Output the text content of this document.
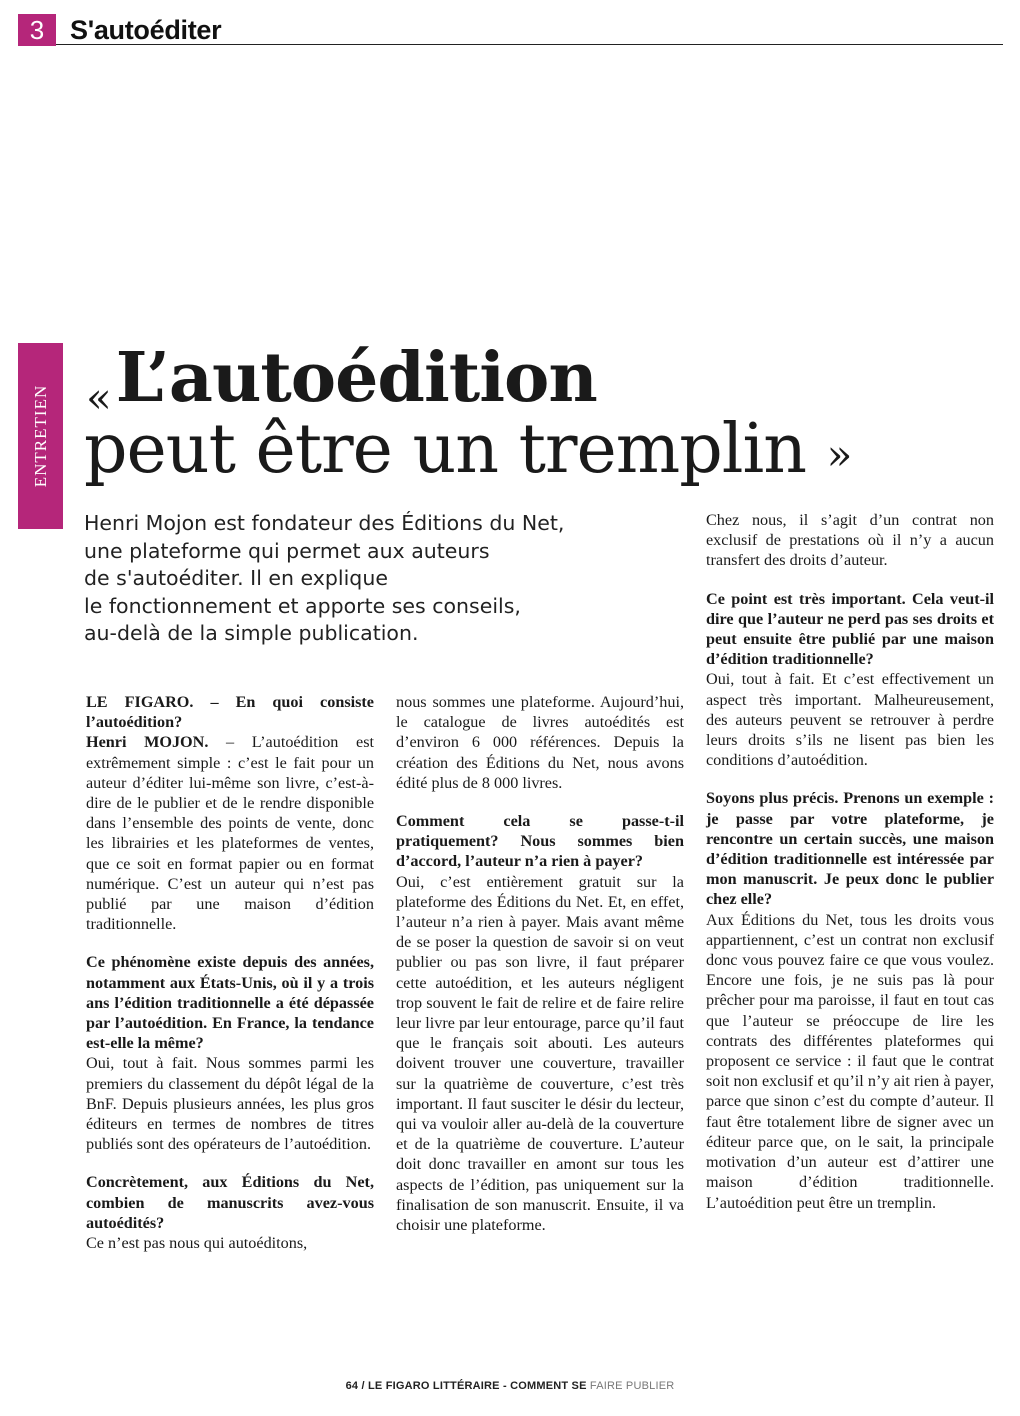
3 S'autoéditer
ENTRETIEN « L’autoédition
peut être un tremplin »
Henri Mojon est fondateur des Éditions du Net,
une plateforme qui permet aux auteurs
de s'autoéditer. Il en explique
le fonctionnement et apporte ses conseils,
au-delà de la simple publication.

LE FIGARO. – En quoi consiste l’autoédition?

Henri MOJON. – L’autoédition est extrêmement simple : c’est le fait pour un auteur d’éditer lui-même son livre, c’est-à-dire de le publier et de le rendre disponible dans l’ensemble des points de vente, donc les librairies et les plateformes de ventes, que ce soit en format papier ou en format numérique. C’est un auteur qui n’est pas publié par une maison d’édition traditionnelle.

Ce phénomène existe depuis des années, notamment aux États-Unis, où il y a trois ans l’édition traditionnelle a été dépassée par l’autoédition. En France, la tendance est-elle la même?

Oui, tout à fait. Nous sommes parmi les premiers du classement du dépôt légal de la BnF. Depuis plusieurs années, les plus gros éditeurs en termes de nombres de titres publiés sont des opérateurs de l’autoédition.

Concrètement, aux Éditions du Net, combien de manuscrits avez-vous autoédités?

Ce n’est pas nous qui autoéditons,

nous sommes une plateforme. Aujourd’hui, le catalogue de livres autoédités est d’environ 6 000 références. Depuis la création des Éditions du Net, nous avons édité plus de 8 000 livres.

Comment cela se passe-t-il pratiquement? Nous sommes bien d’accord, l’auteur n’a rien à payer?

Oui, c’est entièrement gratuit sur la plateforme des Éditions du Net. Et, en effet, l’auteur n’a rien à payer. Mais avant même de se poser la question de savoir si on veut publier ou pas son livre, il faut préparer cette autoédition, et les auteurs négligent trop souvent le fait de relire et de faire relire leur livre par leur entourage, parce qu’il faut que le français soit abouti. Les auteurs doivent trouver une couverture, travailler sur la quatrième de couverture, c’est très important. Il faut susciter le désir du lecteur, qui va vouloir aller au-delà de la couverture et de la quatrième de couverture. L’auteur doit donc travailler en amont sur tous les aspects de l’édition, pas uniquement sur la finalisation de son manuscrit. Ensuite, il va choisir une plateforme.

Chez nous, il s’agit d’un contrat non exclusif de prestations où il n’y a aucun transfert des droits d’auteur.

Ce point est très important. Cela veut-il dire que l’auteur ne perd pas ses droits et peut ensuite être publié par une maison d’édition traditionnelle?

Oui, tout à fait. Et c’est effectivement un aspect très important. Malheureusement, des auteurs peuvent se retrouver à perdre leurs droits s’ils ne lisent pas bien les conditions d’autoédition.

Soyons plus précis. Prenons un exemple : je passe par votre plateforme, je rencontre un certain succès, une maison d’édition traditionnelle est intéressée par mon manuscrit. Je peux donc le publier chez elle?

Aux Éditions du Net, tous les droits vous appartiennent, c’est un contrat non exclusif donc vous pouvez faire ce que vous voulez. Encore une fois, je ne suis pas là pour prêcher pour ma paroisse, il faut en tout cas que l’auteur se préoccupe de lire les contrats des différentes plateformes qui proposent ce service : il faut que le contrat soit non exclusif et qu’il n’y ait rien à payer, parce que sinon c’est du compte d’auteur. Il faut être totalement libre de signer avec un éditeur parce que, on le sait, la principale motivation d’un auteur est d’attirer une maison d’édition traditionnelle. L’autoédition peut être un tremplin.

64 / LE FIGARO LITTÉRAIRE - COMMENT SE FAIRE PUBLIER
